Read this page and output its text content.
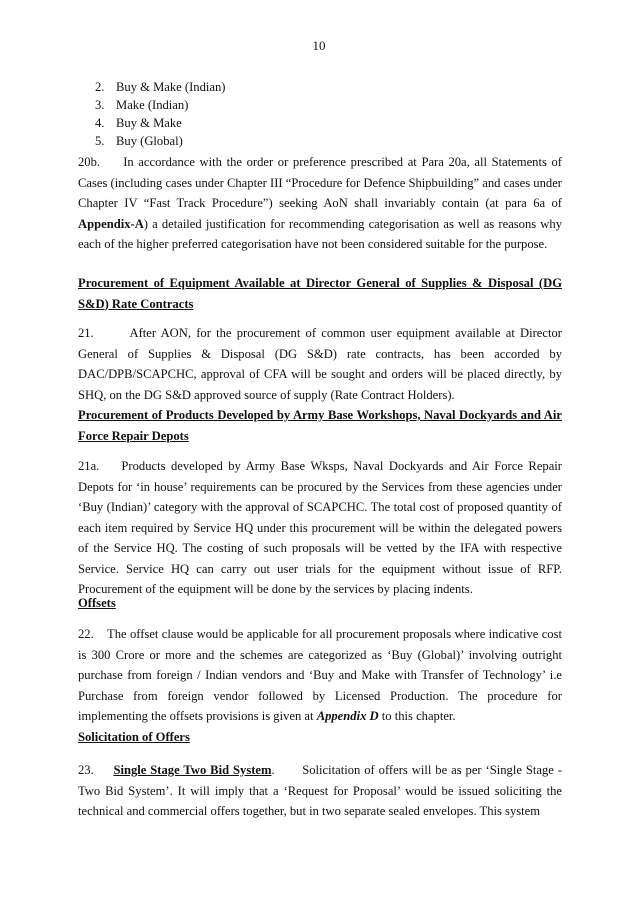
10
2. Buy & Make (Indian)
3. Make (Indian)
4. Buy & Make
5. Buy (Global)

20b. In accordance with the order or preference prescribed at Para 20a, all Statements of Cases (including cases under Chapter III “Procedure for Defence Shipbuilding” and cases under Chapter IV “Fast Track Procedure”) seeking AoN shall invariably contain (at para 6a of Appendix-A) a detailed justification for recommending categorisation as well as reasons why each of the higher preferred categorisation have not been considered suitable for the purpose.

Procurement of Equipment Available at Director General of Supplies & Disposal (DG S&D) Rate Contracts

21.	After AON, for the procurement of common user equipment available at Director General of Supplies & Disposal (DG S&D) rate contracts, has been accorded by DAC/DPB/SCAPCHC, approval of CFA will be sought and orders will be placed directly, by SHQ, on the DG S&D approved source of supply (Rate Contract Holders).

Procurement of Products Developed by Army Base Workshops, Naval Dockyards and Air Force Repair Depots

21a. Products developed by Army Base Wksps, Naval Dockyards and Air Force Repair Depots for ‘in house’ requirements can be procured by the Services from these agencies under ‘Buy (Indian)’ category with the approval of SCAPCHC. The total cost of proposed quantity of each item required by Service HQ under this procurement will be within the delegated powers of the Service HQ. The costing of such proposals will be vetted by the IFA with respective Service. Service HQ can carry out user trials for the equipment without issue of RFP. Procurement of the equipment will be done by the services by placing indents.

Offsets

22. The offset clause would be applicable for all procurement proposals where indicative cost is 300 Crore or more and the schemes are categorized as ‘Buy (Global)’ involving outright purchase from foreign / Indian vendors and ‘Buy and Make with Transfer of Technology’ i.e Purchase from foreign vendor followed by Licensed Production. The procedure for implementing the offsets provisions is given at Appendix D to this chapter.

Solicitation of Offers

23. Single Stage Two Bid System.       Solicitation of offers will be as per ‘Single Stage - Two Bid System’. It will imply that a ‘Request for Proposal’ would be issued soliciting the technical and commercial offers together, but in two separate sealed envelopes. This system
